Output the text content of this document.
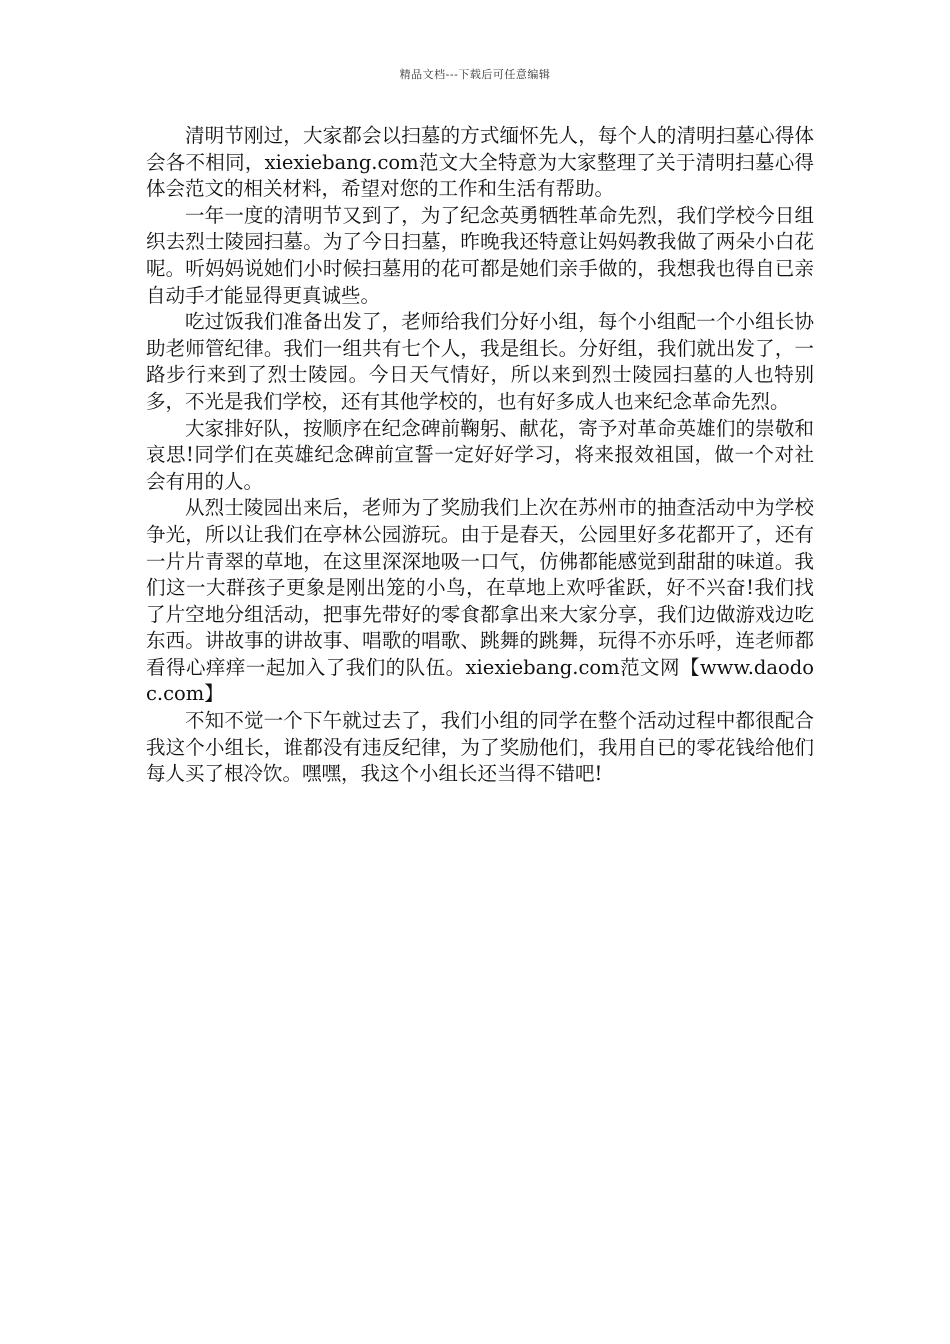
精品文档---下载后可任意编辑

清明节刚过，大家都会以扫墓的方式缅怀先人，每个人的清明扫墓心得体会各不相同，xiexiebang.com范文大全特意为大家整理了关于清明扫墓心得体会范文的相关材料，希望对您的工作和生活有帮助。

一年一度的清明节又到了，为了纪念英勇牺牲革命先烈，我们学校今日组织去烈士陵园扫墓。为了今日扫墓，昨晚我还特意让妈妈教我做了两朵小白花呢。听妈妈说她们小时候扫墓用的花可都是她们亲手做的，我想我也得自已亲自动手才能显得更真诚些。

吃过饭我们准备出发了，老师给我们分好小组，每个小组配一个小组长协助老师管纪律。我们一组共有七个人，我是组长。分好组，我们就出发了，一路步行来到了烈士陵园。今日天气情好，所以来到烈士陵园扫墓的人也特别多，不光是我们学校，还有其他学校的，也有好多成人也来纪念革命先烈。

大家排好队，按顺序在纪念碑前鞠躬、献花，寄予对革命英雄们的崇敬和哀思!同学们在英雄纪念碑前宣誓一定好好学习，将来报效祖国，做一个对社会有用的人。

从烈士陵园出来后，老师为了奖励我们上次在苏州市的抽查活动中为学校争光，所以让我们在亭林公园游玩。由于是春天，公园里好多花都开了，还有一片片青翠的草地，在这里深深地吸一口气，仿佛都能感觉到甜甜的味道。我们这一大群孩子更象是刚出笼的小鸟，在草地上欢呼雀跃，好不兴奋!我们找了片空地分组活动，把事先带好的零食都拿出来大家分享，我们边做游戏边吃东西。讲故事的讲故事、唱歌的唱歌、跳舞的跳舞，玩得不亦乐呼，连老师都看得心痒痒一起加入了我们的队伍。xiexiebang.com范文网【www.daodoc.com】

不知不觉一个下午就过去了，我们小组的同学在整个活动过程中都很配合我这个小组长，谁都没有违反纪律，为了奖励他们，我用自已的零花钱给他们每人买了根冷饮。嘿嘿，我这个小组长还当得不错吧!
